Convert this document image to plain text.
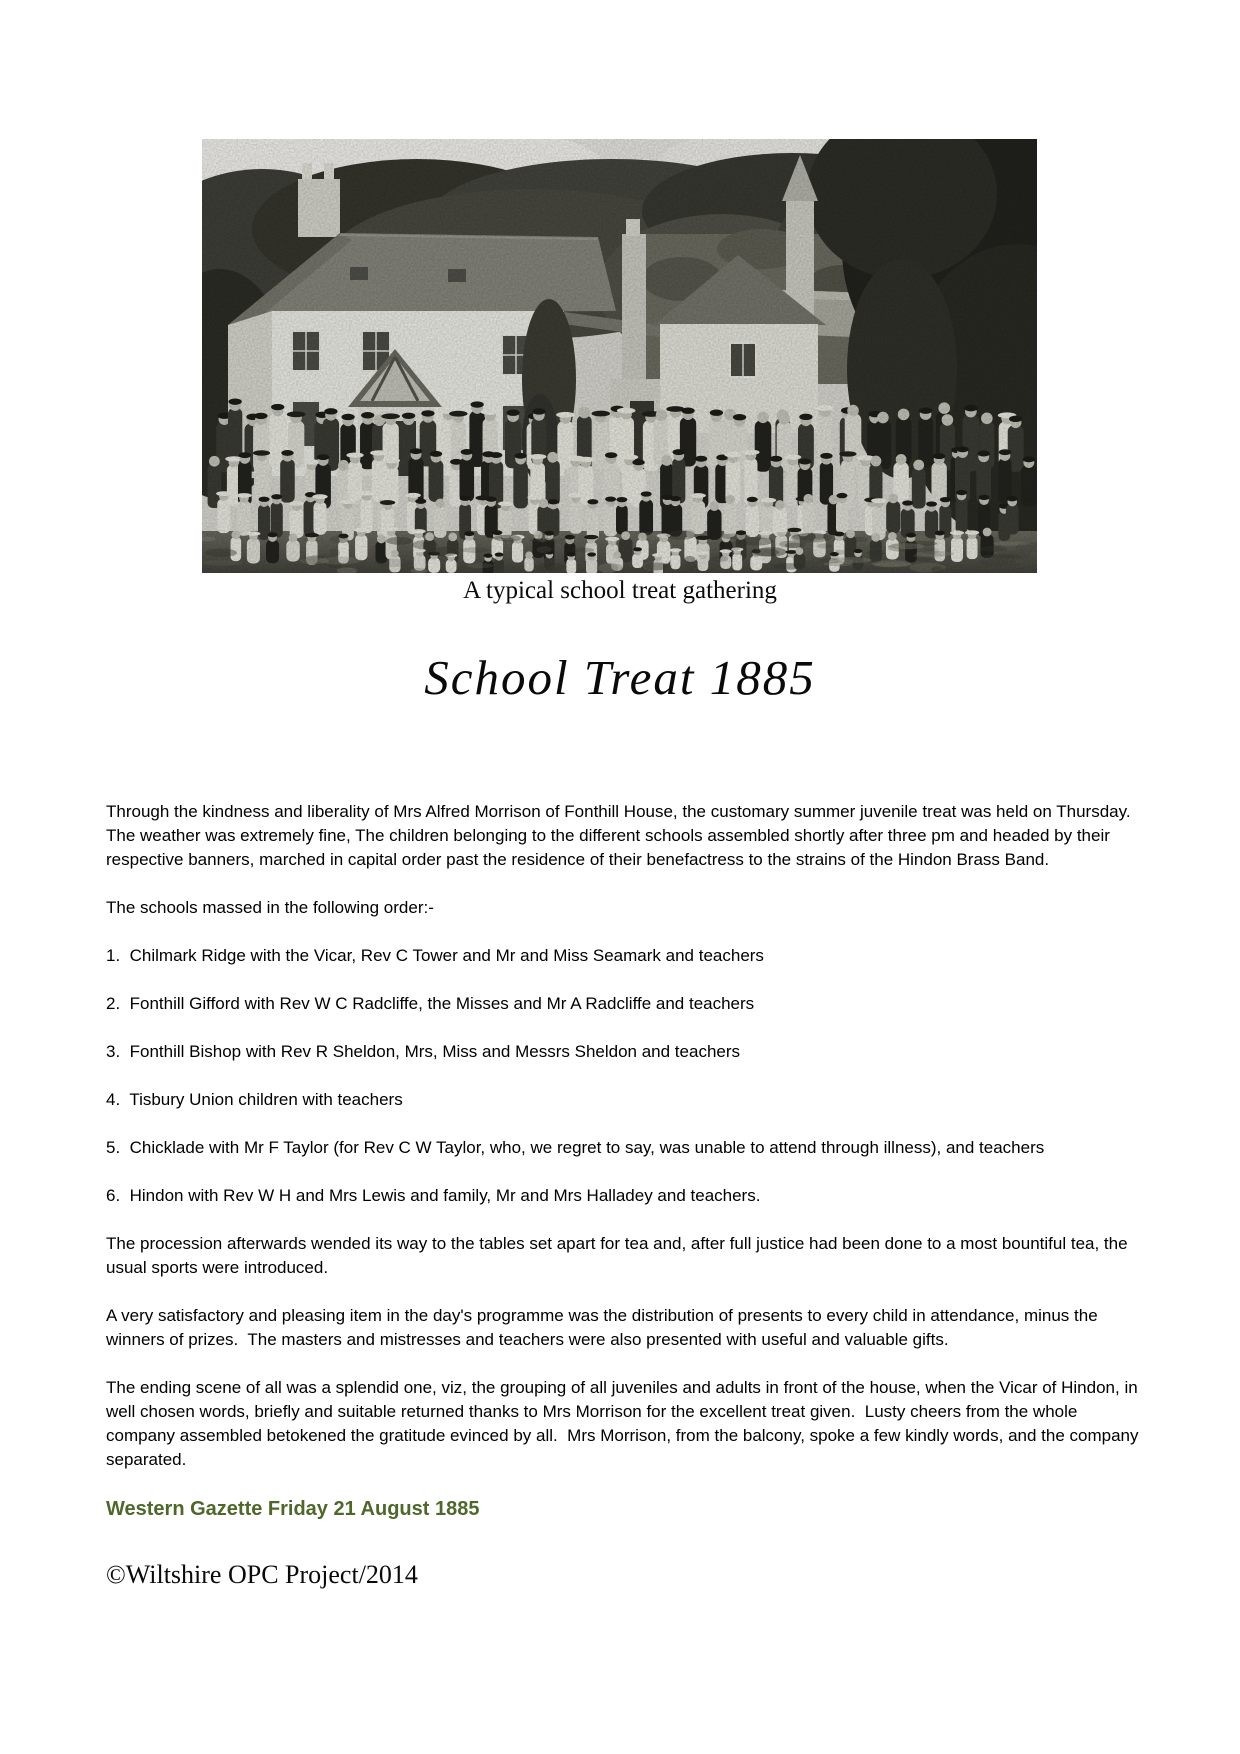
A typical school treat gathering
School Treat 1885

Through the kindness and liberality of Mrs Alfred Morrison of Fonthill House, the customary summer juvenile treat was held on Thursday.  The weather was extremely fine, The children belonging to the different schools assembled shortly after three pm and headed by their respective banners, marched in capital order past the residence of their benefactress to the strains of the Hindon Brass Band.

The schools massed in the following order:-

1.  Chilmark Ridge with the Vicar, Rev C Tower and Mr and Miss Seamark and teachers

2.  Fonthill Gifford with Rev W C Radcliffe, the Misses and Mr A Radcliffe and teachers

3.  Fonthill Bishop with Rev R Sheldon, Mrs, Miss and Messrs Sheldon and teachers

4.  Tisbury Union children with teachers

5.  Chicklade with Mr F Taylor (for Rev C W Taylor, who, we regret to say, was unable to attend through illness), and teachers

6.  Hindon with Rev W H and Mrs Lewis and family, Mr and Mrs Halladey and teachers.

The procession afterwards wended its way to the tables set apart for tea and, after full justice had been done to a most bountiful tea, the usual sports were introduced.

A very satisfactory and pleasing item in the day's programme was the distribution of presents to every child in attendance, minus the winners of prizes.  The masters and mistresses and teachers were also presented with useful and valuable gifts.

The ending scene of all was a splendid one, viz, the grouping of all juveniles and adults in front of the house, when the Vicar of Hindon, in well chosen words, briefly and suitable returned thanks to Mrs Morrison for the excellent treat given.  Lusty cheers from the whole company assembled betokened the gratitude evinced by all.  Mrs Morrison, from the balcony, spoke a few kindly words, and the company separated.

Western Gazette Friday 21 August 1885

©Wiltshire OPC Project/2014
